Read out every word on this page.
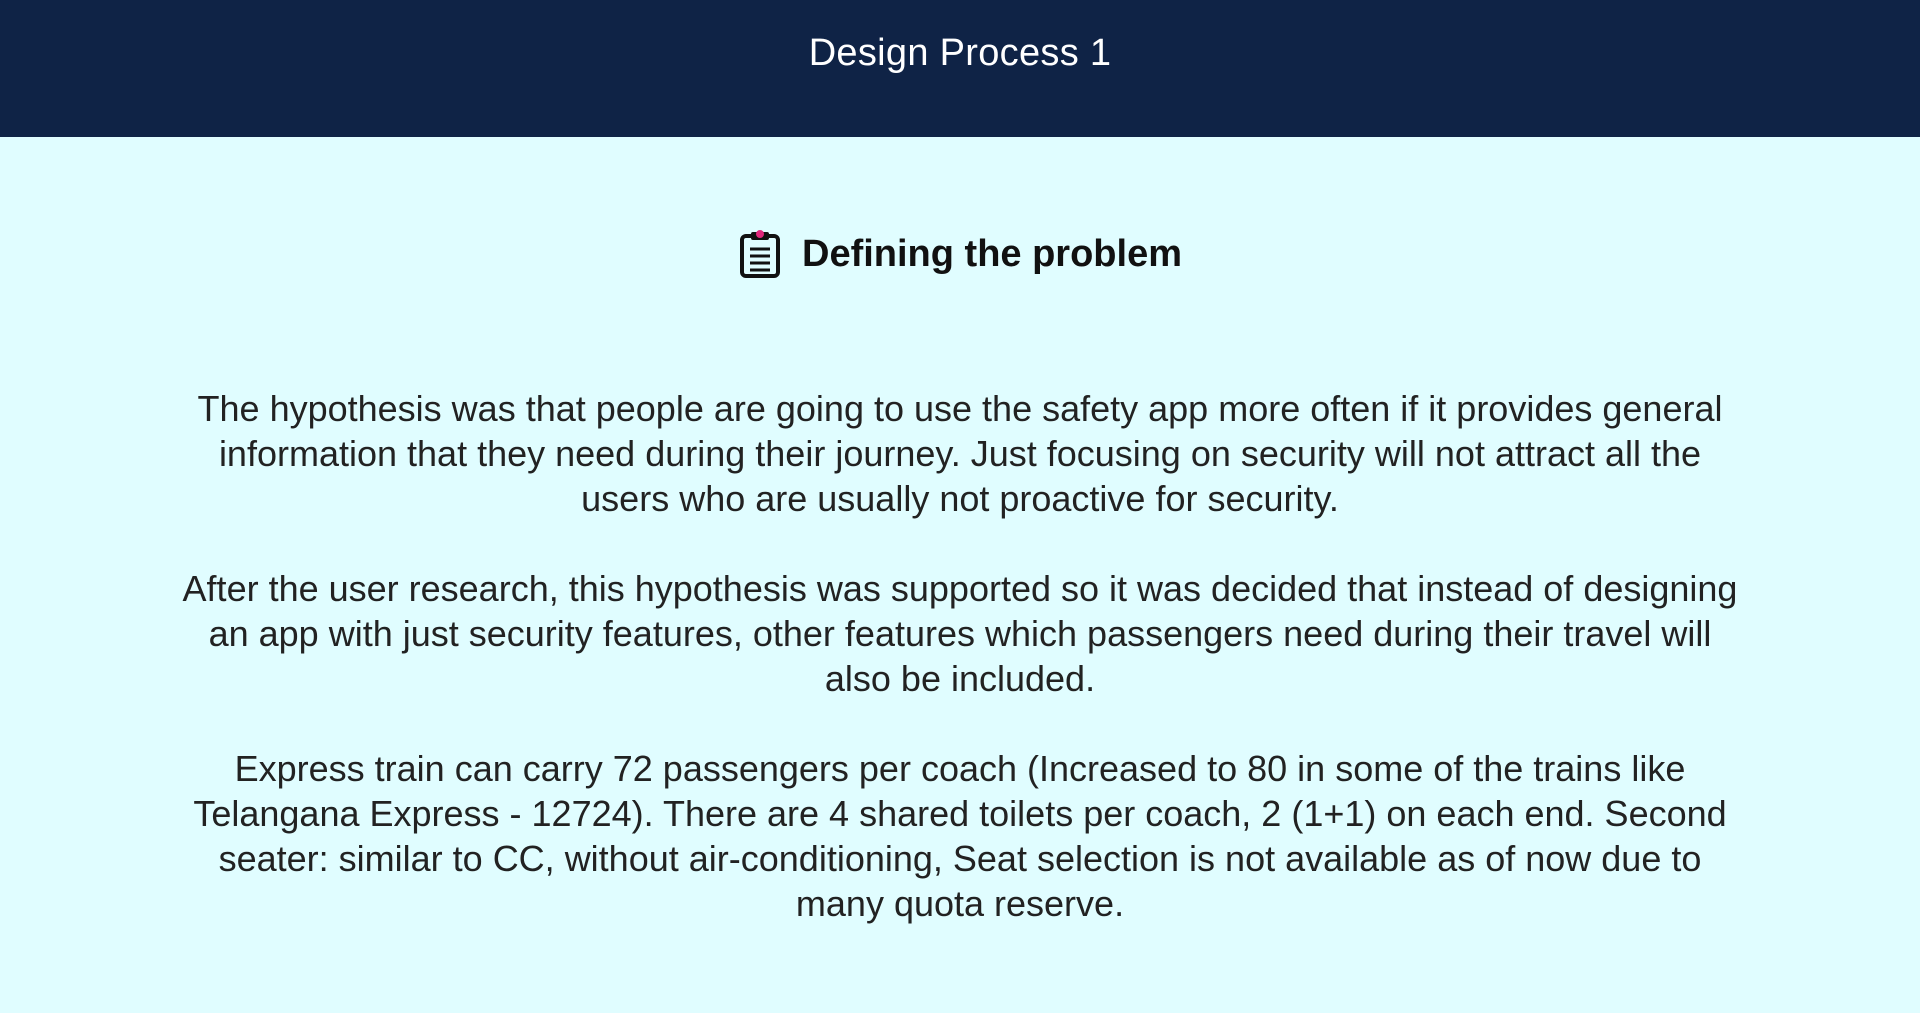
Design Process 1
Defining the problem

The hypothesis was that people are going to use the safety app more often if it provides general information that they need during their journey. Just focusing on security will not attract all the users who are usually not proactive for security.

After the user research, this hypothesis was supported so it was decided that instead of designing an app with just security features, other features which passengers need during their travel will also be included.

Express train can carry 72 passengers per coach (Increased to 80 in some of the trains like Telangana Express - 12724). There are 4 shared toilets per coach, 2 (1+1) on each end. Second seater: similar to CC, without air-conditioning, Seat selection is not available as of now due to many quota reserve.
